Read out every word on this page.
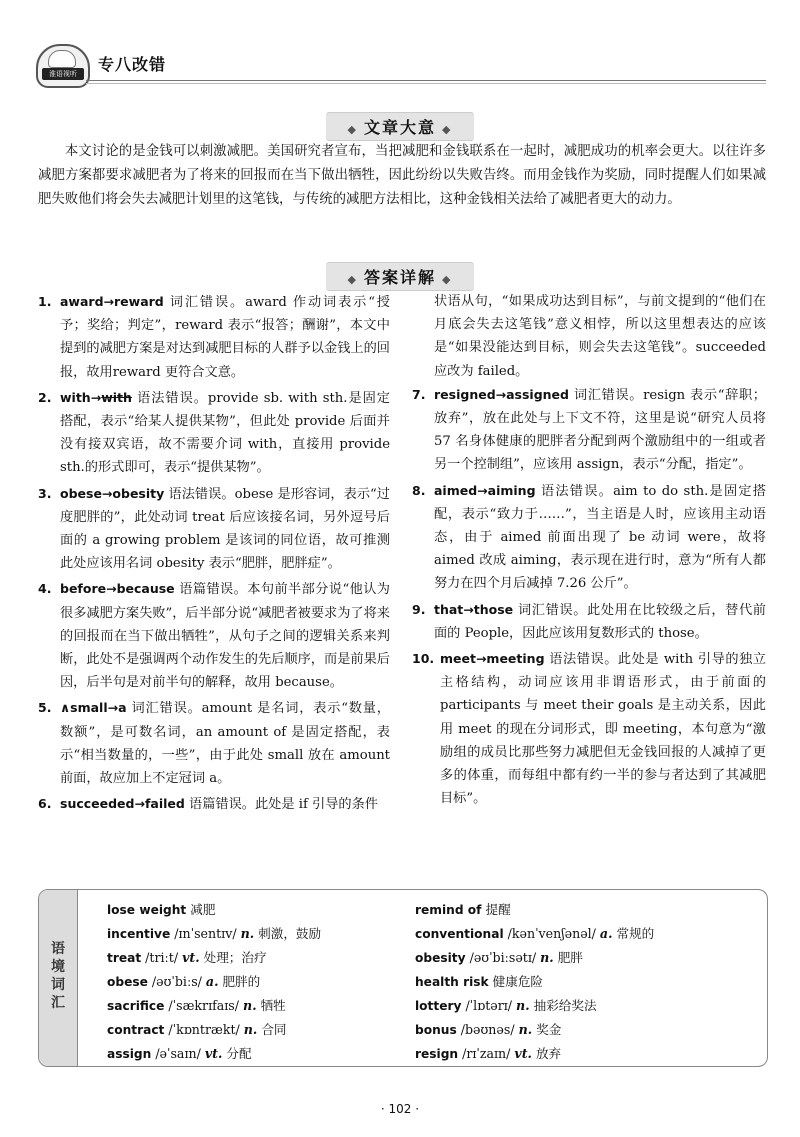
淮语视听	专八改错
◆ 文章大意 ◆
本文讨论的是金钱可以刺激减肥。美国研究者宣布，当把减肥和金钱联系在一起时，减肥成功的机率会更大。以往许多减肥方案都要求减肥者为了将来的回报而在当下做出牺牲，因此纷纷以失败告终。而用金钱作为奖励，同时提醒人们如果减肥失败他们将会失去减肥计划里的这笔钱，与传统的减肥方法相比，这种金钱相关法给了减肥者更大的动力。
◆ 答案详解 ◆
1. award→reward 词汇错误。award 作动词表示“授予；奖给；判定”，reward 表示“报答；酬谢”，本文中提到的减肥方案是对达到减肥目标的人群予以金钱上的回报，故用reward 更符合文意。
2. with→with 语法错误。provide sb. with sth.是固定搭配，表示“给某人提供某物”，但此处 provide 后面并没有接双宾语，故不需要介词 with，直接用 provide sth.的形式即可，表示“提供某物”。
3. obese→obesity 语法错误。obese 是形容词，表示“过度肥胖的”，此处动词 treat 后应该接名词，另外逗号后面的 a growing problem 是该词的同位语，故可推测此处应该用名词 obesity 表示“肥胖，肥胖症”。
4. before→because 语篇错误。本句前半部分说“他认为很多减肥方案失败”，后半部分说“减肥者被要求为了将来的回报而在当下做出牺牲”，从句子之间的逻辑关系来判断，此处不是强调两个动作发生的先后顺序，而是前果后因，后半句是对前半句的解释，故用 because。
5. ∧small→a 词汇错误。amount 是名词，表示“数量，数额”，是可数名词，an amount of 是固定搭配，表示“相当数量的，一些”，由于此处 small 放在 amount 前面，故应加上不定冠词 a。
6. succeeded→failed 语篇错误。此处是 if 引导的条件
状语从句，“如果成功达到目标”，与前文提到的“他们在月底会失去这笔钱”意义相悖，所以这里想表达的应该是“如果没能达到目标，则会失去这笔钱”。succeeded 应改为 failed。
7. resigned→assigned 词汇错误。resign 表示“辞职；放弃”，放在此处与上下文不符，这里是说“研究人员将 57 名身体健康的肥胖者分配到两个激励组中的一组或者另一个控制组”，应该用 assign，表示“分配，指定”。
8. aimed→aiming 语法错误。aim to do sth.是固定搭配，表示“致力于……”，当主语是人时，应该用主动语态，由于 aimed 前面出现了 be 动词 were，故将 aimed 改成 aiming，表示现在进行时，意为“所有人都努力在四个月后减掉 7.26 公斤”。
9. that→those 词汇错误。此处用在比较级之后，替代前面的 People，因此应该用复数形式的 those。
10. meet→meeting 语法错误。此处是 with 引导的独立主格结构，动词应该用非谓语形式，由于前面的 participants 与 meet their goals 是主动关系，因此用 meet 的现在分词形式，即 meeting，本句意为“激励组的成员比那些努力减肥但无金钱回报的人减掉了更多的体重，而每组中都有约一半的参与者达到了其减肥目标”。
语
境
词
汇
lose weight 减肥
incentive /ɪnˈsentɪv/ n. 刺激，鼓励
treat /triːt/ vt. 处理；治疗
obese /əʊˈbiːs/ a. 肥胖的
sacrifice /ˈsækrɪfaɪs/ n. 牺牲
contract /ˈkɒntrækt/ n. 合同
assign /əˈsaɪn/ vt. 分配
remind of 提醒
conventional /kənˈvenʃənəl/ a. 常规的
obesity /əʊˈbiːsətɪ/ n. 肥胖
health risk 健康危险
lottery /ˈlɒtərɪ/ n. 抽彩给奖法
bonus /bəʊnəs/ n. 奖金
resign /rɪˈzaɪn/ vt. 放弃
· 102 ·
